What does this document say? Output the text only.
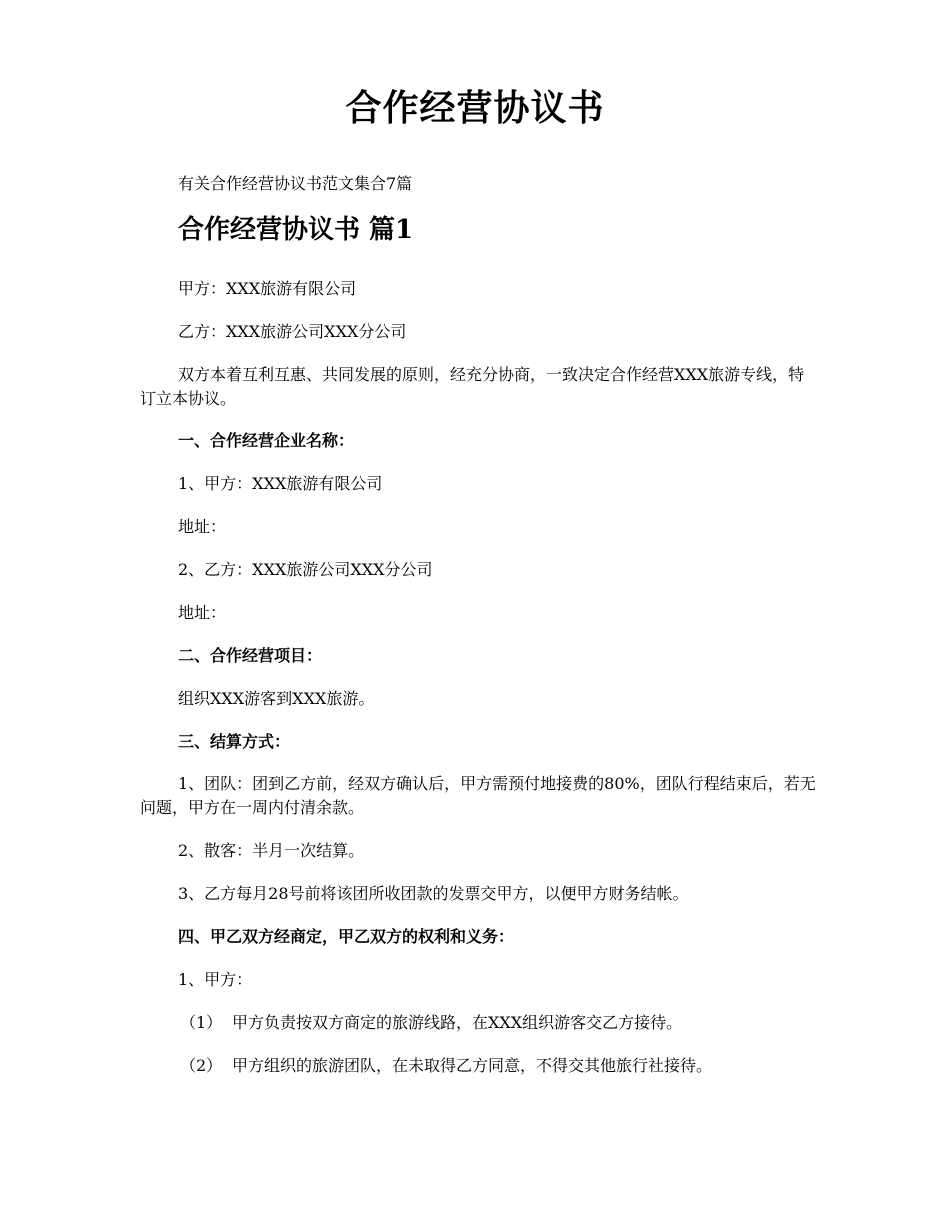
合作经营协议书

有关合作经营协议书范文集合7篇

合作经营协议书 篇1

甲方：XXX旅游有限公司

乙方：XXX旅游公司XXX分公司

双方本着互利互惠、共同发展的原则，经充分协商，一致决定合作经营XXX旅游专线，特订立本协议。

一、合作经营企业名称：

1、甲方：XXX旅游有限公司

地址：

2、乙方：XXX旅游公司XXX分公司

地址：

二、合作经营项目：

组织XXX游客到XXX旅游。

三、结算方式：

1、团队：团到乙方前，经双方确认后，甲方需预付地接费的80%，团队行程结束后，若无问题，甲方在一周内付清余款。

2、散客：半月一次结算。

3、乙方每月28号前将该团所收团款的发票交甲方，以便甲方财务结帐。

四、甲乙双方经商定，甲乙双方的权利和义务：

1、甲方：

（1） 甲方负责按双方商定的旅游线路，在XXX组织游客交乙方接待。

（2） 甲方组织的旅游团队，在未取得乙方同意，不得交其他旅行社接待。
